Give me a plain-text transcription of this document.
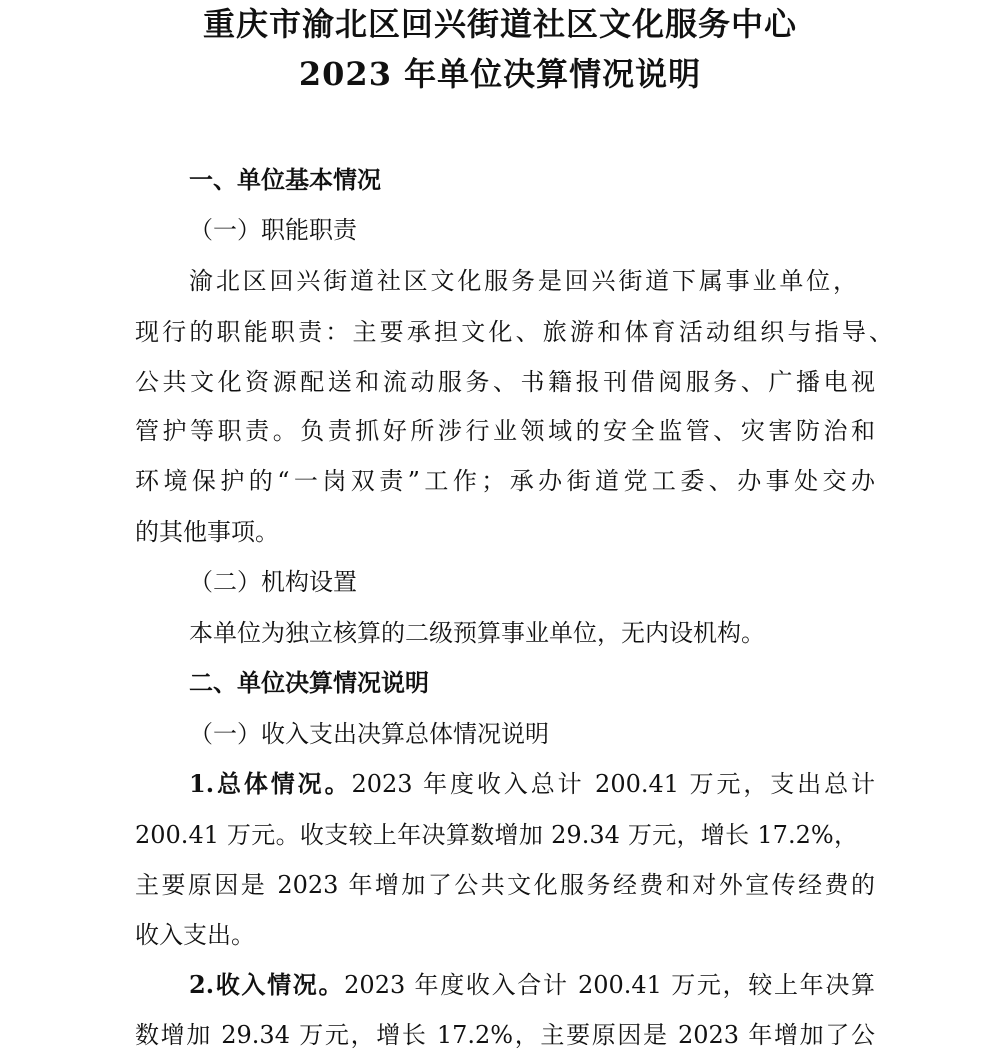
重庆市渝北区回兴街道社区文化服务中心
2023 年单位决算情况说明
一、单位基本情况
（一）职能职责
渝北区回兴街道社区文化服务是回兴街道下属事业单位，
现行的职能职责：主要承担文化、旅游和体育活动组织与指导、
公共文化资源配送和流动服务、书籍报刊借阅服务、广播电视
管护等职责。负责抓好所涉行业领域的安全监管、灾害防治和
环境保护的“一岗双责”工作；承办街道党工委、办事处交办
的其他事项。
（二）机构设置
本单位为独立核算的二级预算事业单位，无内设机构。
二、单位决算情况说明
（一）收入支出决算总体情况说明
1.总体情况。2023 年度收入总计 200.41 万元，支出总计
200.41 万元。收支较上年决算数增加 29.34 万元，增长 17.2%，
主要原因是 2023 年增加了公共文化服务经费和对外宣传经费的
收入支出。
2.收入情况。2023 年度收入合计 200.41 万元，较上年决算
数增加 29.34 万元，增长 17.2%，主要原因是 2023 年增加了公
